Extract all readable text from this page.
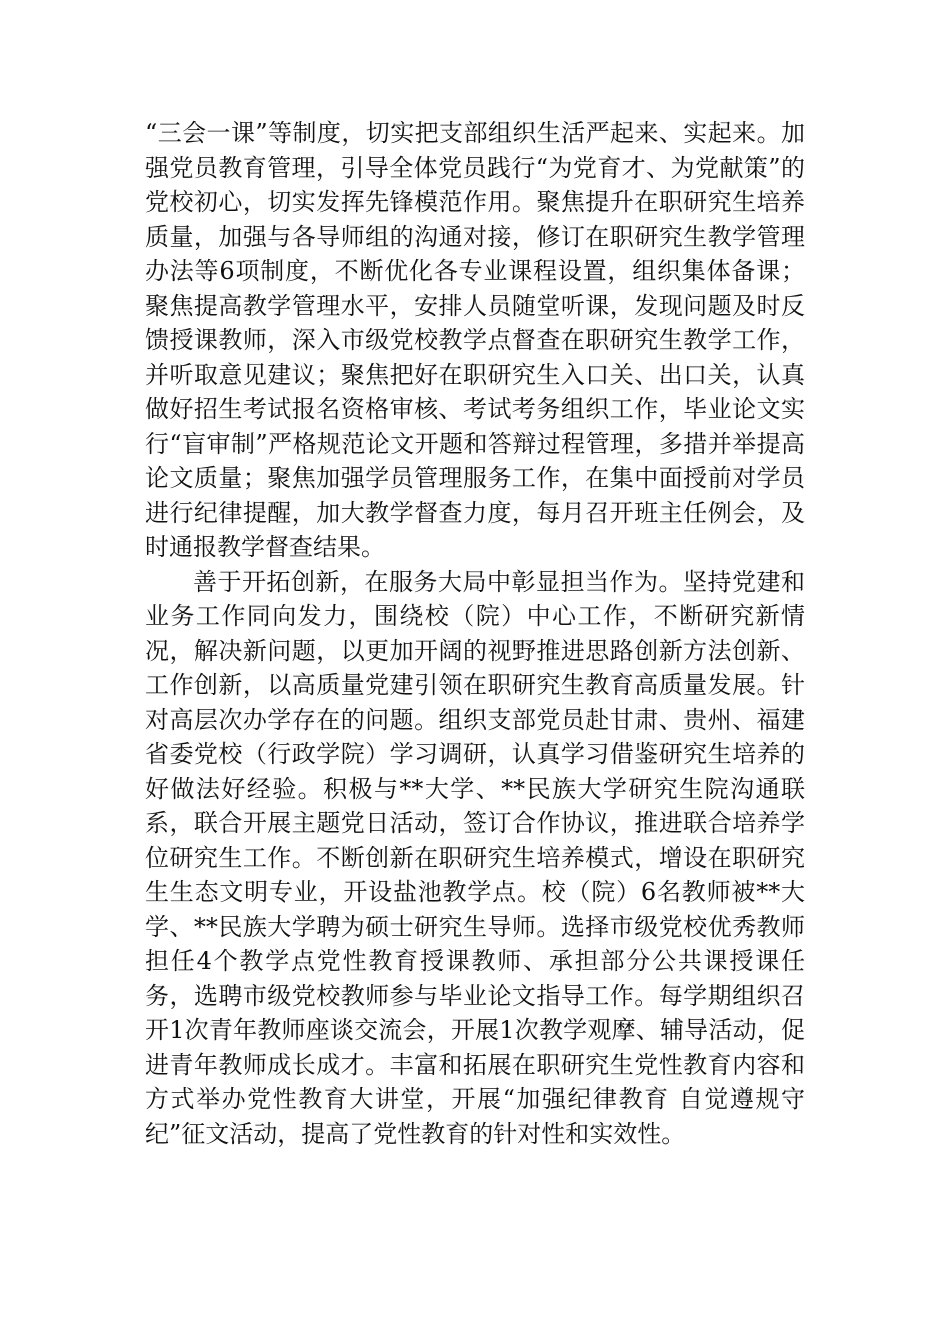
“三会一课”等制度，切实把支部组织生活严起来、实起来。加强党员教育管理，引导全体党员践行“为党育才、为党献策”的党校初心，切实发挥先锋模范作用。聚焦提升在职研究生培养质量，加强与各导师组的沟通对接，修订在职研究生教学管理办法等6项制度，不断优化各专业课程设置，组织集体备课；聚焦提高教学管理水平，安排人员随堂听课，发现问题及时反馈授课教师，深入市级党校教学点督查在职研究生教学工作，并听取意见建议；聚焦把好在职研究生入口关、出口关，认真做好招生考试报名资格审核、考试考务组织工作，毕业论文实行“盲审制”严格规范论文开题和答辩过程管理，多措并举提高论文质量；聚焦加强学员管理服务工作，在集中面授前对学员进行纪律提醒，加大教学督查力度，每月召开班主任例会，及时通报教学督查结果。

善于开拓创新，在服务大局中彰显担当作为。坚持党建和业务工作同向发力，围绕校（院）中心工作，不断研究新情况，解决新问题，以更加开阔的视野推进思路创新方法创新、工作创新，以高质量党建引领在职研究生教育高质量发展。针对高层次办学存在的问题。组织支部党员赴甘肃、贵州、福建省委党校（行政学院）学习调研，认真学习借鉴研究生培养的好做法好经验。积极与**大学、**民族大学研究生院沟通联系，联合开展主题党日活动，签订合作协议，推进联合培养学位研究生工作。不断创新在职研究生培养模式，增设在职研究生生态文明专业，开设盐池教学点。校（院）6名教师被**大学、**民族大学聘为硕士研究生导师。选择市级党校优秀教师担任4个教学点党性教育授课教师、承担部分公共课授课任务，选聘市级党校教师参与毕业论文指导工作。每学期组织召开1次青年教师座谈交流会，开展1次教学观摩、辅导活动，促进青年教师成长成才。丰富和拓展在职研究生党性教育内容和方式举办党性教育大讲堂，开展“加强纪律教育 自觉遵规守纪”征文活动，提高了党性教育的针对性和实效性。
